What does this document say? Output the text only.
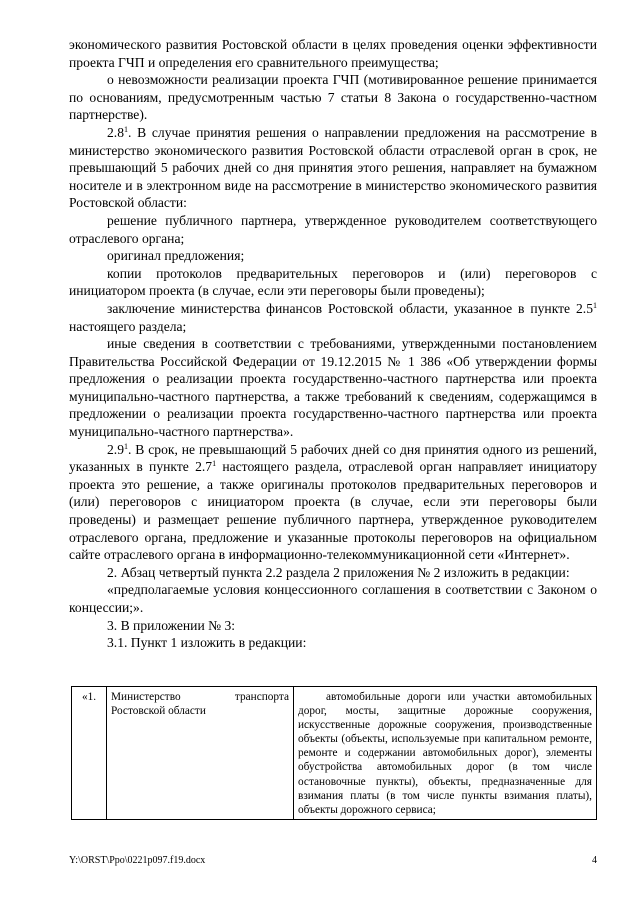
экономического развития Ростовской области в целях проведения оценки эффективности проекта ГЧП и определения его сравнительного преимущества;

о невозможности реализации проекта ГЧП (мотивированное решение принимается по основаниям, предусмотренным частью 7 статьи 8 Закона о государственно-частном партнерстве).

$2.8^1$. В случае принятия решения о направлении предложения на рассмотрение в министерство экономического развития Ростовской области отраслевой орган в срок, не превышающий 5 рабочих дней со дня принятия этого решения, направляет на бумажном носителе и в электронном виде на рассмотрение в министерство экономического развития Ростовской области:

решение публичного партнера, утвержденное руководителем соответствующего отраслевого органа;

оригинал предложения;

копии протоколов предварительных переговоров и (или) переговоров с инициатором проекта (в случае, если эти переговоры были проведены);

заключение министерства финансов Ростовской области, указанное в пункте $2.5^1$ настоящего раздела;

иные сведения в соответствии с требованиями, утвержденными постановлением Правительства Российской Федерации от 19.12.2015 № 1 386 «Об утверждении формы предложения о реализации проекта государственно-частного партнерства или проекта муниципально-частного партнерства, а также требований к сведениям, содержащимся в предложении о реализации проекта государственно-частного партнерства или проекта муниципально-частного партнерства».

$2.9^1$. В срок, не превышающий 5 рабочих дней со дня принятия одного из решений, указанных в пункте $2.7^1$ настоящего раздела, отраслевой орган направляет инициатору проекта это решение, а также оригиналы протоколов предварительных переговоров и (или) переговоров с инициатором проекта (в случае, если эти переговоры были проведены) и размещает решение публичного партнера, утвержденное руководителем отраслевого органа, предложение и указанные протоколы переговоров на официальном сайте отраслевого органа в информационно-телекоммуникационной сети «Интернет».

2. Абзац четвертый пункта 2.2 раздела 2 приложения № 2 изложить в редакции:

«предполагаемые условия концессионного соглашения в соответствии с Законом о концессии;».

3. В приложении № 3:

3.1. Пункт 1 изложить в редакции:

«1.	Министерство транспорта Ростовской области	автомобильные дороги или участки автомобильных дорог, мосты, защитные дорожные сооружения, искусственные дорожные сооружения, производственные объекты (объекты, используемые при капитальном ремонте, ремонте и содержании автомобильных дорог), элементы обустройства автомобильных дорог (в том числе остановочные пункты), объекты, предназначенные для взимания платы (в том числе пункты взимания платы), объекты дорожного сервиса;
Y:\ORST\Ppo\0221p097.f19.docx	4
